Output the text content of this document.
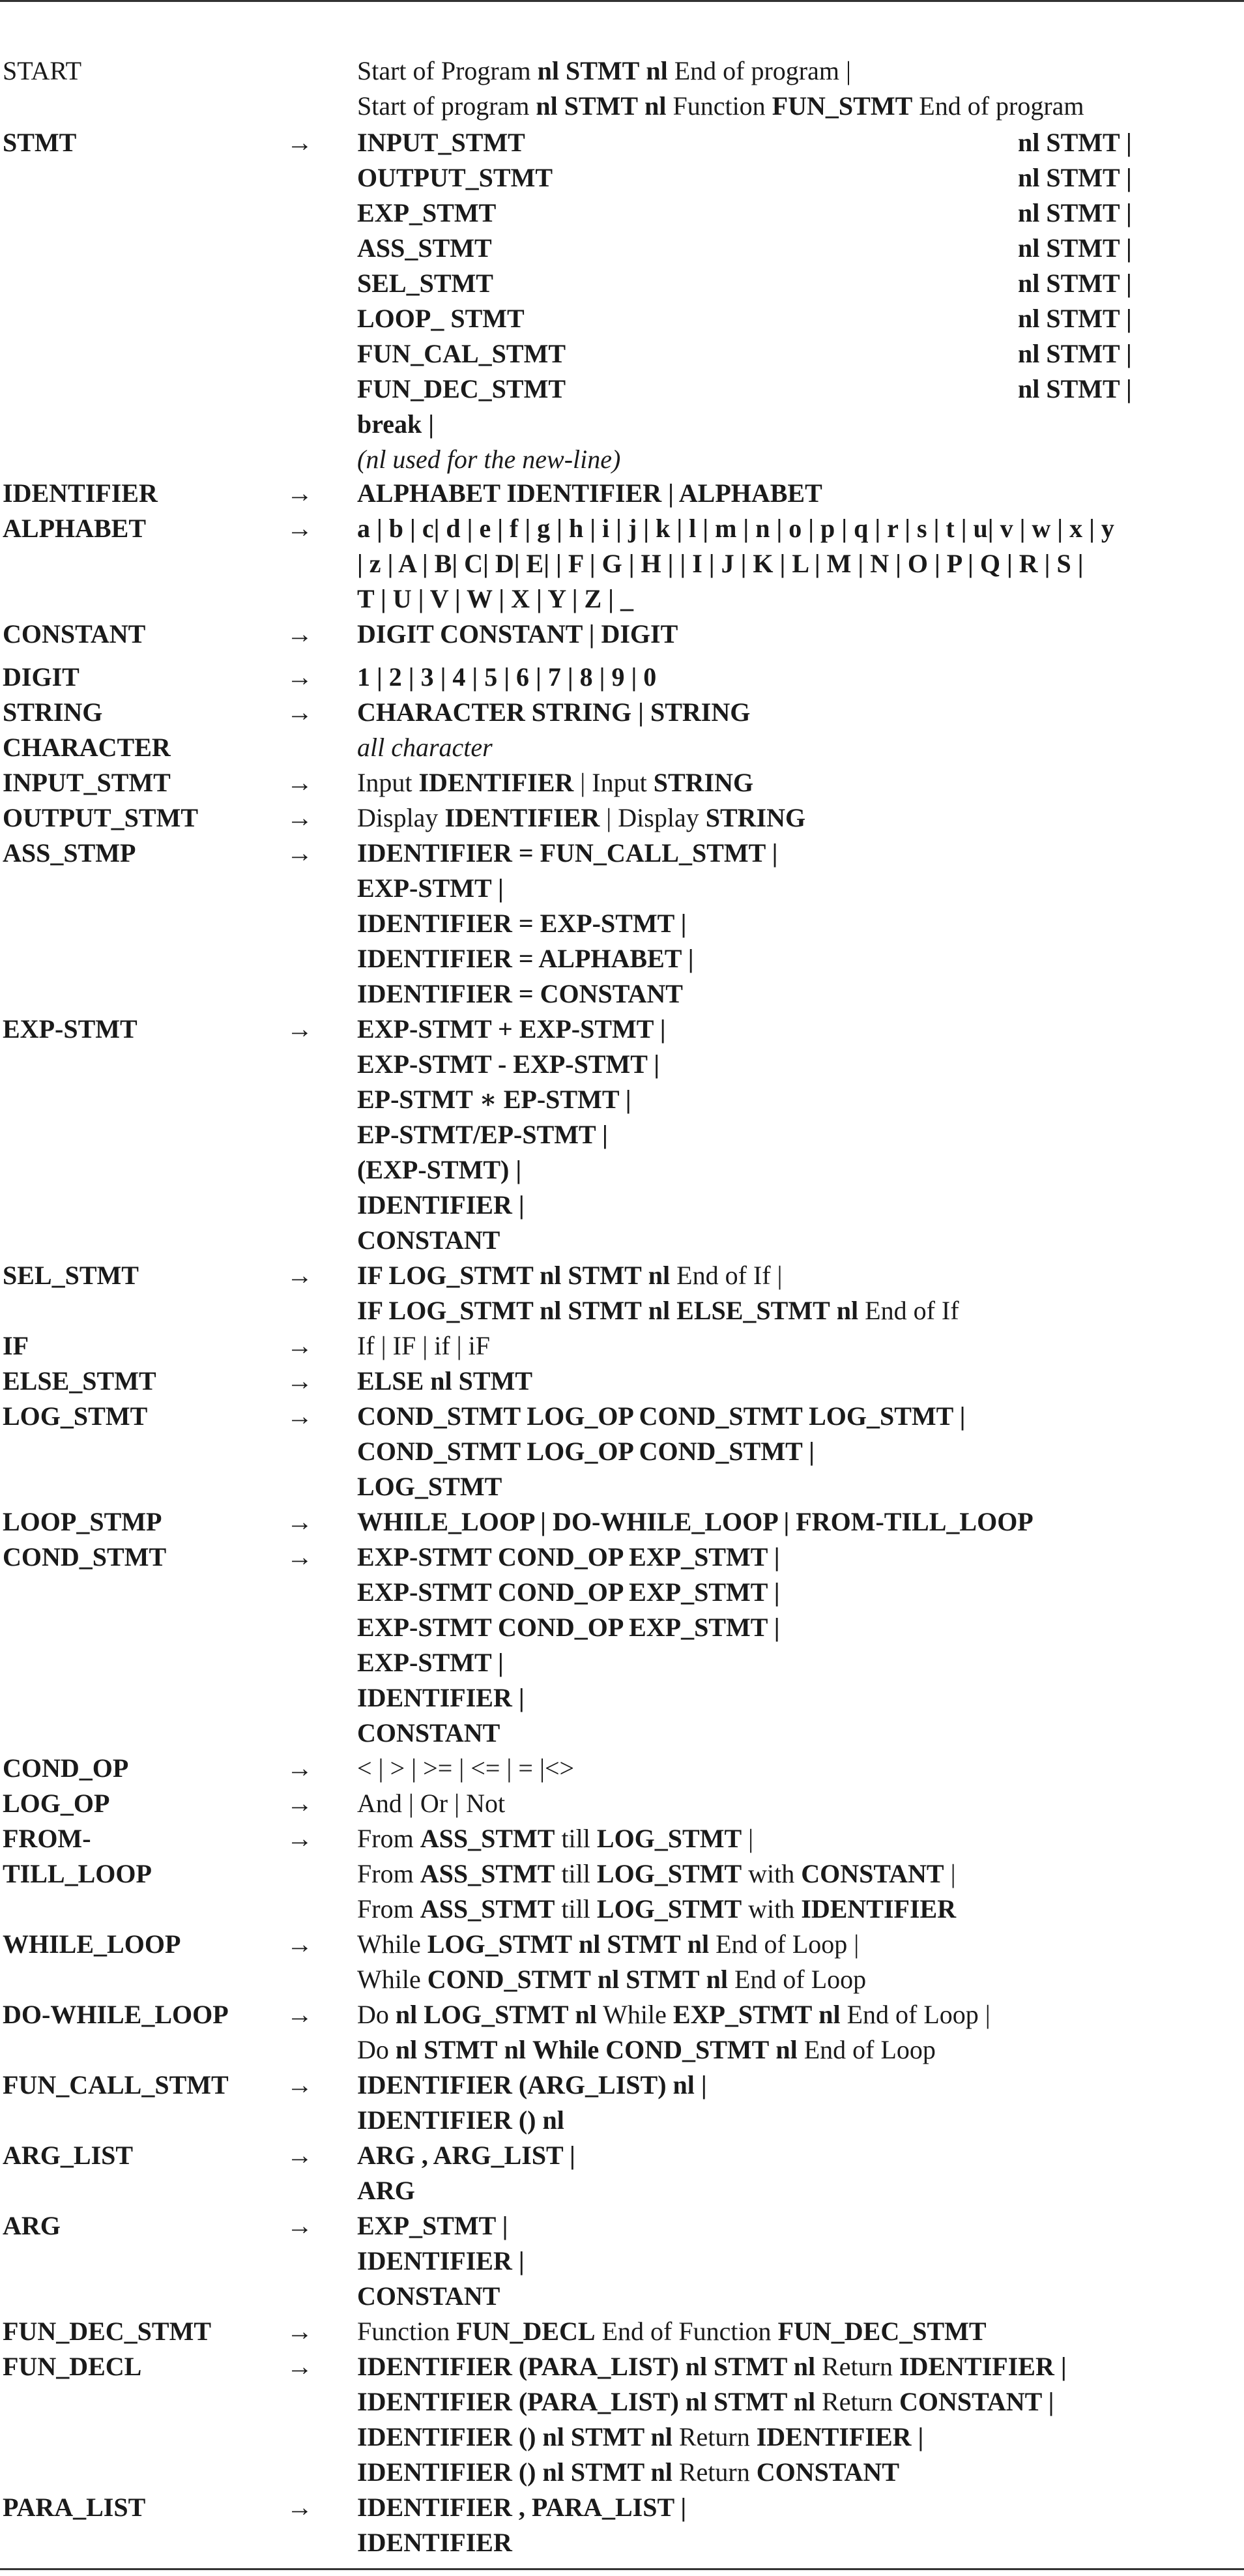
START	Start of Program nl STMT nl End of program |
Start of program nl STMT nl Function FUN_STMT End of program
STMT	→ INPUT_STMT	nl STMT |
OUTPUT_STMT	nl STMT |
EXP_STMT	nl STMT |
ASS_STMT	nl STMT |
SEL_STMT	nl STMT |
LOOP_ STMT	nl STMT |
FUN_CAL_STMT	nl STMT |
FUN_DEC_STMT	nl STMT |
break |
(nl used for the new-line)
IDENTIFIER	→ ALPHABET IDENTIFIER | ALPHABET
ALPHABET	→ a | b | c| d | e | f | g | h | i | j | k | l | m | n | o | p | q | r | s | t | u| v | w | x | y
| z | A | B| C| D| E| | F | G | H | | I | J | K | L | M | N | O | P | Q | R | S |
T | U | V | W | X | Y | Z | _
CONSTANT	→ DIGIT CONSTANT | DIGIT
DIGIT	→ 1 | 2 | 3 | 4 | 5 | 6 | 7 | 8 | 9 | 0
STRING	→ CHARACTER STRING | STRING
CHARACTER	all character
INPUT_STMT	→ Input IDENTIFIER | Input STRING
OUTPUT_STMT	→ Display IDENTIFIER | Display STRING
ASS_STMP	→ IDENTIFIER = FUN_CALL_STMT |
EXP-STMT |
IDENTIFIER = EXP-STMT |
IDENTIFIER = ALPHABET |
IDENTIFIER = CONSTANT
EXP-STMT	→ EXP-STMT + EXP-STMT |
EXP-STMT - EXP-STMT |
EP-STMT ∗ EP-STMT |
EP-STMT/EP-STMT |
(EXP-STMT) |
IDENTIFIER |
CONSTANT
SEL_STMT	→ IF LOG_STMT nl STMT nl End of If |
IF LOG_STMT nl STMT nl ELSE_STMT nl End of If
IF	→ If | IF | if | iF
ELSE_STMT	→ ELSE nl STMT
LOG_STMT	→ COND_STMT LOG_OP COND_STMT LOG_STMT |
COND_STMT LOG_OP COND_STMT |
LOG_STMT
LOOP_STMP	→ WHILE_LOOP | DO-WHILE_LOOP | FROM-TILL_LOOP
COND_STMT	→ EXP-STMT COND_OP EXP_STMT |
EXP-STMT COND_OP EXP_STMT |
EXP-STMT COND_OP EXP_STMT |
EXP-STMT |
IDENTIFIER |
CONSTANT
COND_OP	→ < | > | >= | <= | = |<>
LOG_OP	→ And | Or | Not
FROM-
TILL_LOOP
→ From ASS_STMT till LOG_STMT |
From ASS_STMT till LOG_STMT with CONSTANT |
From ASS_STMT till LOG_STMT with IDENTIFIER
WHILE_LOOP	→ While LOG_STMT nl STMT nl End of Loop |
While COND_STMT nl STMT nl End of Loop
DO-WHILE_LOOP → Do nl LOG_STMT nl While EXP_STMT nl End of Loop |
Do nl STMT nl While COND_STMT nl End of Loop
FUN_CALL_STMT → IDENTIFIER (ARG_LIST) nl |
IDENTIFIER () nl
ARG_LIST	→ ARG , ARG_LIST |
ARG
ARG	→ EXP_STMT |
IDENTIFIER |
CONSTANT
FUN_DEC_STMT	→ Function FUN_DECL End of Function FUN_DEC_STMT
FUN_DECL	→ IDENTIFIER (PARA_LIST) nl STMT nl Return IDENTIFIER |
IDENTIFIER (PARA_LIST) nl STMT nl Return CONSTANT |
IDENTIFIER () nl STMT nl Return IDENTIFIER |
IDENTIFIER () nl STMT nl Return CONSTANT
PARA_LIST	→ IDENTIFIER , PARA_LIST |
IDENTIFIER
